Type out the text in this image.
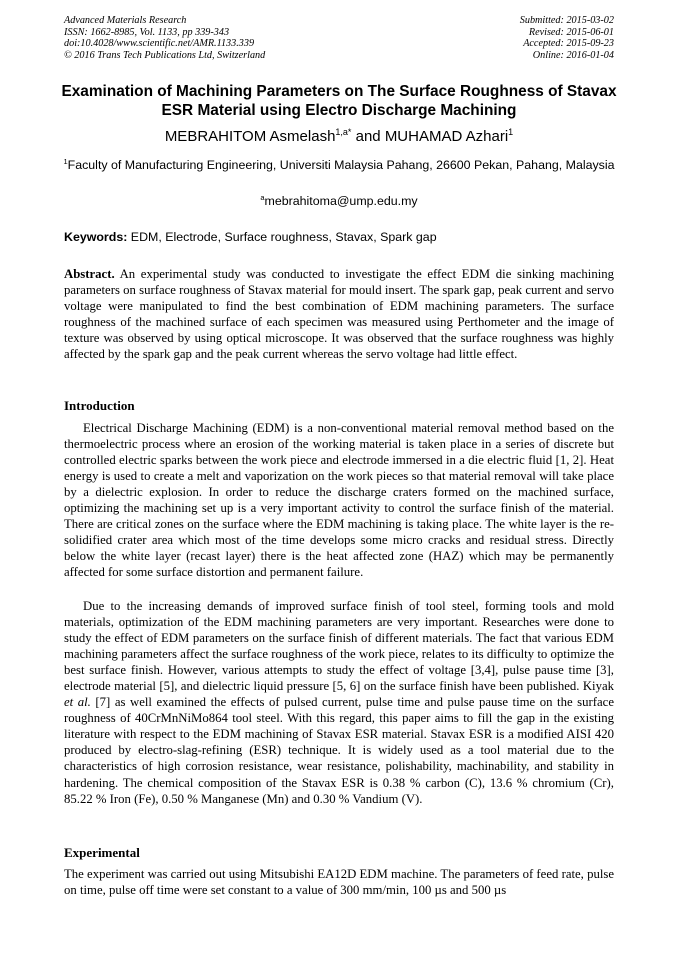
Advanced Materials Research
ISSN: 1662-8985, Vol. 1133, pp 339-343
doi:10.4028/www.scientific.net/AMR.1133.339
© 2016 Trans Tech Publications Ltd, Switzerland
Submitted: 2015-03-02
Revised: 2015-06-01
Accepted: 2015-09-23
Online: 2016-01-04
Examination of Machining Parameters on The Surface Roughness of Stavax ESR Material using Electro Discharge Machining
MEBRAHITOM Asmelash$^{1,a*}$ and MUHAMAD Azhari$^1$
$^1$Faculty of Manufacturing Engineering, Universiti Malaysia Pahang, 26600 Pekan, Pahang, Malaysia
$^a$mebrahitoma@ump.edu.my
Keywords: EDM, Electrode, Surface roughness, Stavax, Spark gap

Abstract. An experimental study was conducted to investigate the effect EDM die sinking machining parameters on surface roughness of Stavax material for mould insert. The spark gap, peak current and servo voltage were manipulated to find the best combination of EDM machining parameters. The surface roughness of the machined surface of each specimen was measured using Perthometer and the image of texture was observed by using optical microscope. It was observed that the surface roughness was highly affected by the spark gap and the peak current whereas the servo voltage had little effect.

Introduction

Electrical Discharge Machining (EDM) is a non-conventional material removal method based on the thermoelectric process where an erosion of the working material is taken place in a series of discrete but controlled electric sparks between the work piece and electrode immersed in a die electric fluid [1, 2]. Heat energy is used to create a melt and vaporization on the work pieces so that material removal will take place by a dielectric explosion. In order to reduce the discharge craters formed on the machined surface, optimizing the machining set up is a very important activity to control the surface finish of the material. There are critical zones on the surface where the EDM machining is taking place. The white layer is the re-solidified crater area which most of the time develops some micro cracks and residual stress. Directly below the white layer (recast layer) there is the heat affected zone (HAZ) which may be permanently affected for some surface distortion and permanent failure.

Due to the increasing demands of improved surface finish of tool steel, forming tools and mold materials, optimization of the EDM machining parameters are very important. Researches were done to study the effect of EDM parameters on the surface finish of different materials. The fact that various EDM machining parameters affect the surface roughness of the work piece, relates to its difficulty to optimize the best surface finish. However, various attempts to study the effect of voltage [3,4], pulse pause time [3], electrode material [5], and dielectric liquid pressure [5, 6] on the surface finish have been published. Kiyak et al. [7] as well examined the effects of pulsed current, pulse time and pulse pause time on the surface roughness of 40CrMnNiMo864 tool steel. With this regard, this paper aims to fill the gap in the existing literature with respect to the EDM machining of Stavax ESR material. Stavax ESR is a modified AISI 420 produced by electro-slag-refining (ESR) technique. It is widely used as a tool material due to the characteristics of high corrosion resistance, wear resistance, polishability, machinability, and stability in hardening. The chemical composition of the Stavax ESR is 0.38 % carbon (C), 13.6 % chromium (Cr), 85.22 % Iron (Fe), 0.50 % Manganese (Mn) and 0.30 % Vandium (V).

Experimental

The experiment was carried out using Mitsubishi EA12D EDM machine. The parameters of feed rate, pulse on time, pulse off time were set constant to a value of 300 mm/min, 100 µs and 500 µs
